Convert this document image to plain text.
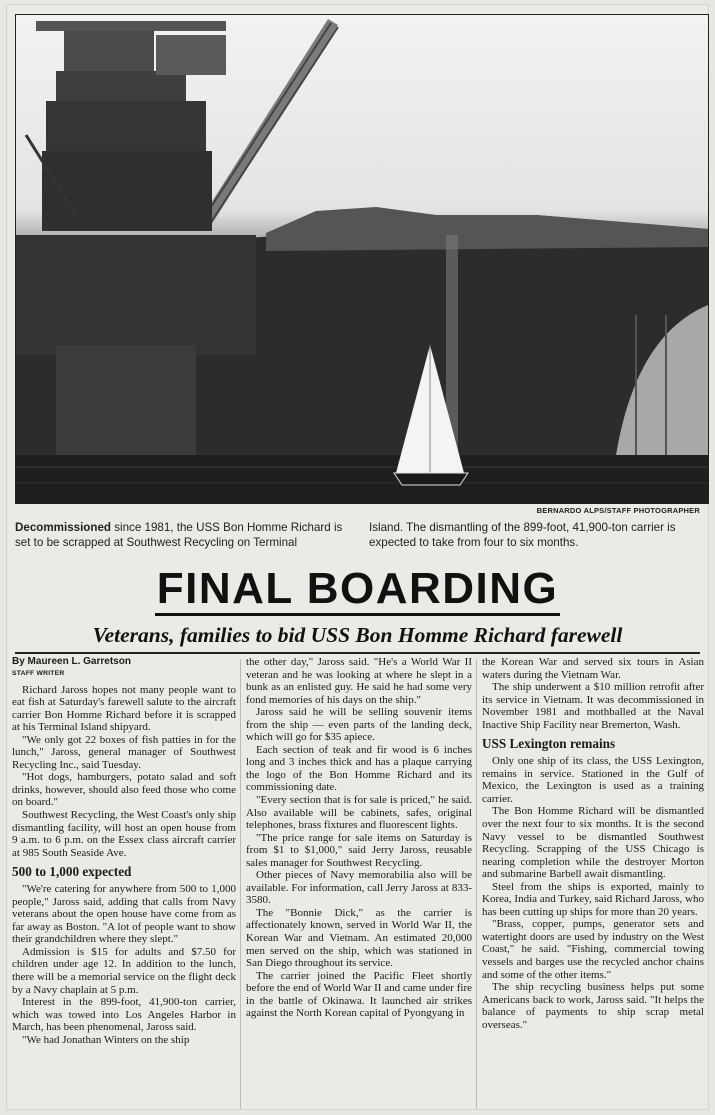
BERNARDO ALPS/STAFF PHOTOGRAPHER
Decommissioned since 1981, the USS Bon Homme Richard is set to be scrapped at Southwest Recycling on Terminal
Island. The dismantling of the 899-foot, 41,900-ton carrier is expected to take from four to six months.
FINAL BOARDING
Veterans, families to bid USS Bon Homme Richard farewell
By Maureen L. Garretson
STAFF WRITER

Richard Jaross hopes not many people want to eat fish at Saturday's farewell salute to the aircraft carrier Bon Homme Richard before it is scrapped at his Terminal Island shipyard.

"We only got 22 boxes of fish patties in for the lunch," Jaross, general manager of Southwest Recycling Inc., said Tuesday.

"Hot dogs, hamburgers, potato salad and soft drinks, however, should also feed those who come on board."

Southwest Recycling, the West Coast's only ship dismantling facility, will host an open house from 9 a.m. to 6 p.m. on the Essex class aircraft carrier at 985 South Seaside Ave.

500 to 1,000 expected

"We're catering for anywhere from 500 to 1,000 people," Jaross said, adding that calls from Navy veterans about the open house have come from as far away as Boston. "A lot of people want to show their grandchildren where they slept."

Admission is $15 for adults and $7.50 for children under age 12. In addition to the lunch, there will be a memorial service on the flight deck by a Navy chaplain at 5 p.m.

Interest in the 899-foot, 41,900-ton carrier, which was towed into Los Angeles Harbor in March, has been phenomenal, Jaross said.

"We had Jonathan Winters on the ship

the other day," Jaross said. "He's a World War II veteran and he was looking at where he slept in a bunk as an enlisted guy. He said he had some very fond memories of his days on the ship."

Jaross said he will be selling souvenir items from the ship — even parts of the landing deck, which will go for $35 apiece.

Each section of teak and fir wood is 6 inches long and 3 inches thick and has a plaque carrying the logo of the Bon Homme Richard and its commissioning date.

"Every section that is for sale is priced," he said. Also available will be cabinets, safes, original telephones, brass fixtures and fluorescent lights.

"The price range for sale items on Saturday is from $1 to $1,000," said Jerry Jaross, reusable sales manager for Southwest Recycling.

Other pieces of Navy memorabilia also will be available. For information, call Jerry Jaross at 833-3580.

The "Bonnie Dick," as the carrier is affectionately known, served in World War II, the Korean War and Vietnam. An estimated 20,000 men served on the ship, which was stationed in San Diego throughout its service.

The carrier joined the Pacific Fleet shortly before the end of World War II and came under fire in the battle of Okinawa. It launched air strikes against the North Korean capital of Pyongyang in

the Korean War and served six tours in Asian waters during the Vietnam War.

The ship underwent a $10 million retrofit after its service in Vietnam. It was decommissioned in November 1981 and mothballed at the Naval Inactive Ship Facility near Bremerton, Wash.

USS Lexington remains

Only one ship of its class, the USS Lexington, remains in service. Stationed in the Gulf of Mexico, the Lexington is used as a training carrier.

The Bon Homme Richard will be dismantled over the next four to six months. It is the second Navy vessel to be dismantled Southwest Recycling. Scrapping of the USS Chicago is nearing completion while the destroyer Morton and submarine Barbell await dismantling.

Steel from the ships is exported, mainly to Korea, India and Turkey, said Richard Jaross, who has been cutting up ships for more than 20 years.

"Brass, copper, pumps, generator sets and watertight doors are used by industry on the West Coast," he said. "Fishing, commercial towing vessels and barges use the recycled anchor chains and some of the other items."

The ship recycling business helps put some Americans back to work, Jaross said. "It helps the balance of payments to ship scrap metal overseas."
